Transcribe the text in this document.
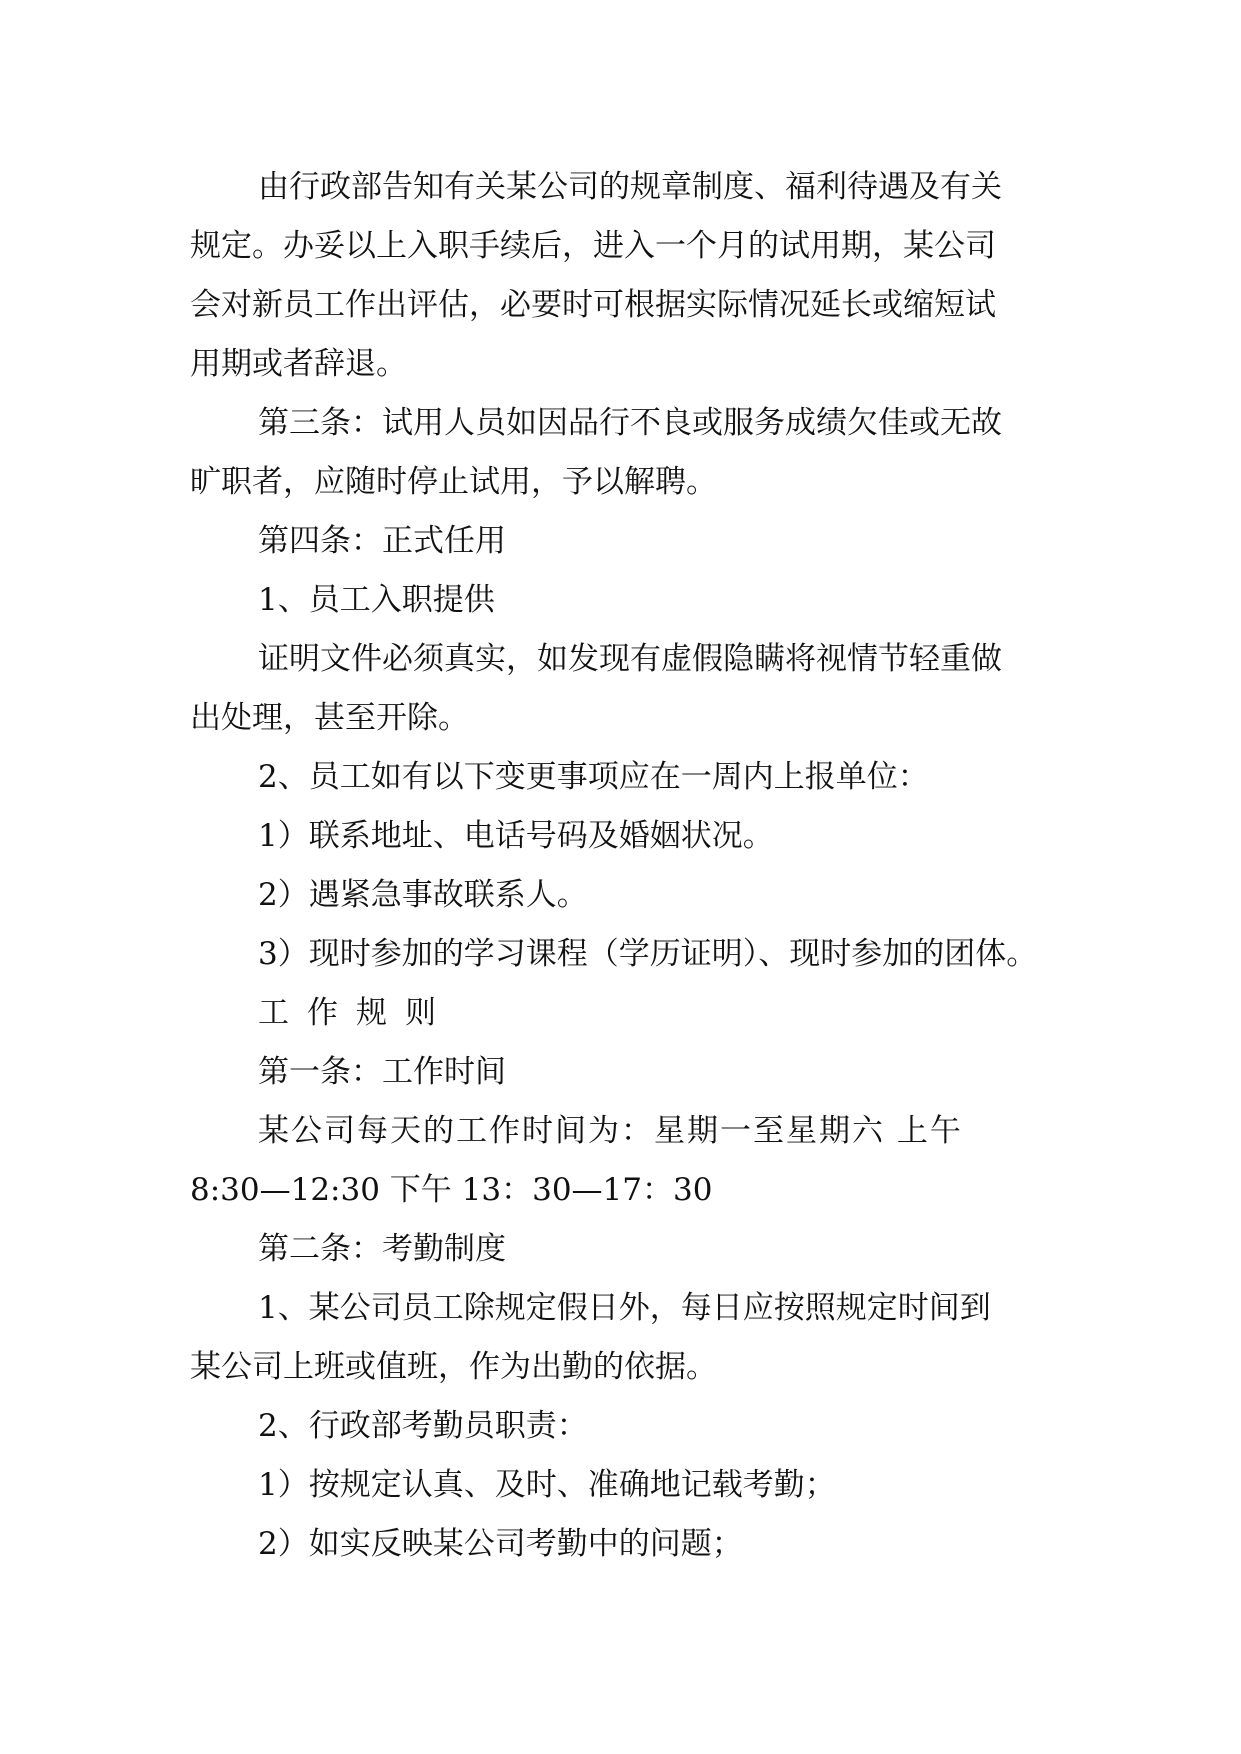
由行政部告知有关某公司的规章制度、福利待遇及有关
规定。办妥以上入职手续后，进入一个月的试用期，某公司
会对新员工作出评估，必要时可根据实际情况延长或缩短试
用期或者辞退。
第三条：试用人员如因品行不良或服务成绩欠佳或无故
旷职者，应随时停止试用，予以解聘。
第四条：正式任用
1、员工入职提供
证明文件必须真实，如发现有虚假隐瞒将视情节轻重做
出处理，甚至开除。
2、员工如有以下变更事项应在一周内上报单位：
1）联系地址、电话号码及婚姻状况。
2）遇紧急事故联系人。
3）现时参加的学习课程（学历证明）、现时参加的团体。
工作规则
第一条：工作时间
某公司每天的工作时间为：星期一至星期六 上午
8:30—12:30 下午 13：30—17：30
第二条：考勤制度
1、某公司员工除规定假日外，每日应按照规定时间到
某公司上班或值班，作为出勤的依据。
2、行政部考勤员职责：
1）按规定认真、及时、准确地记载考勤；
2）如实反映某公司考勤中的问题；
